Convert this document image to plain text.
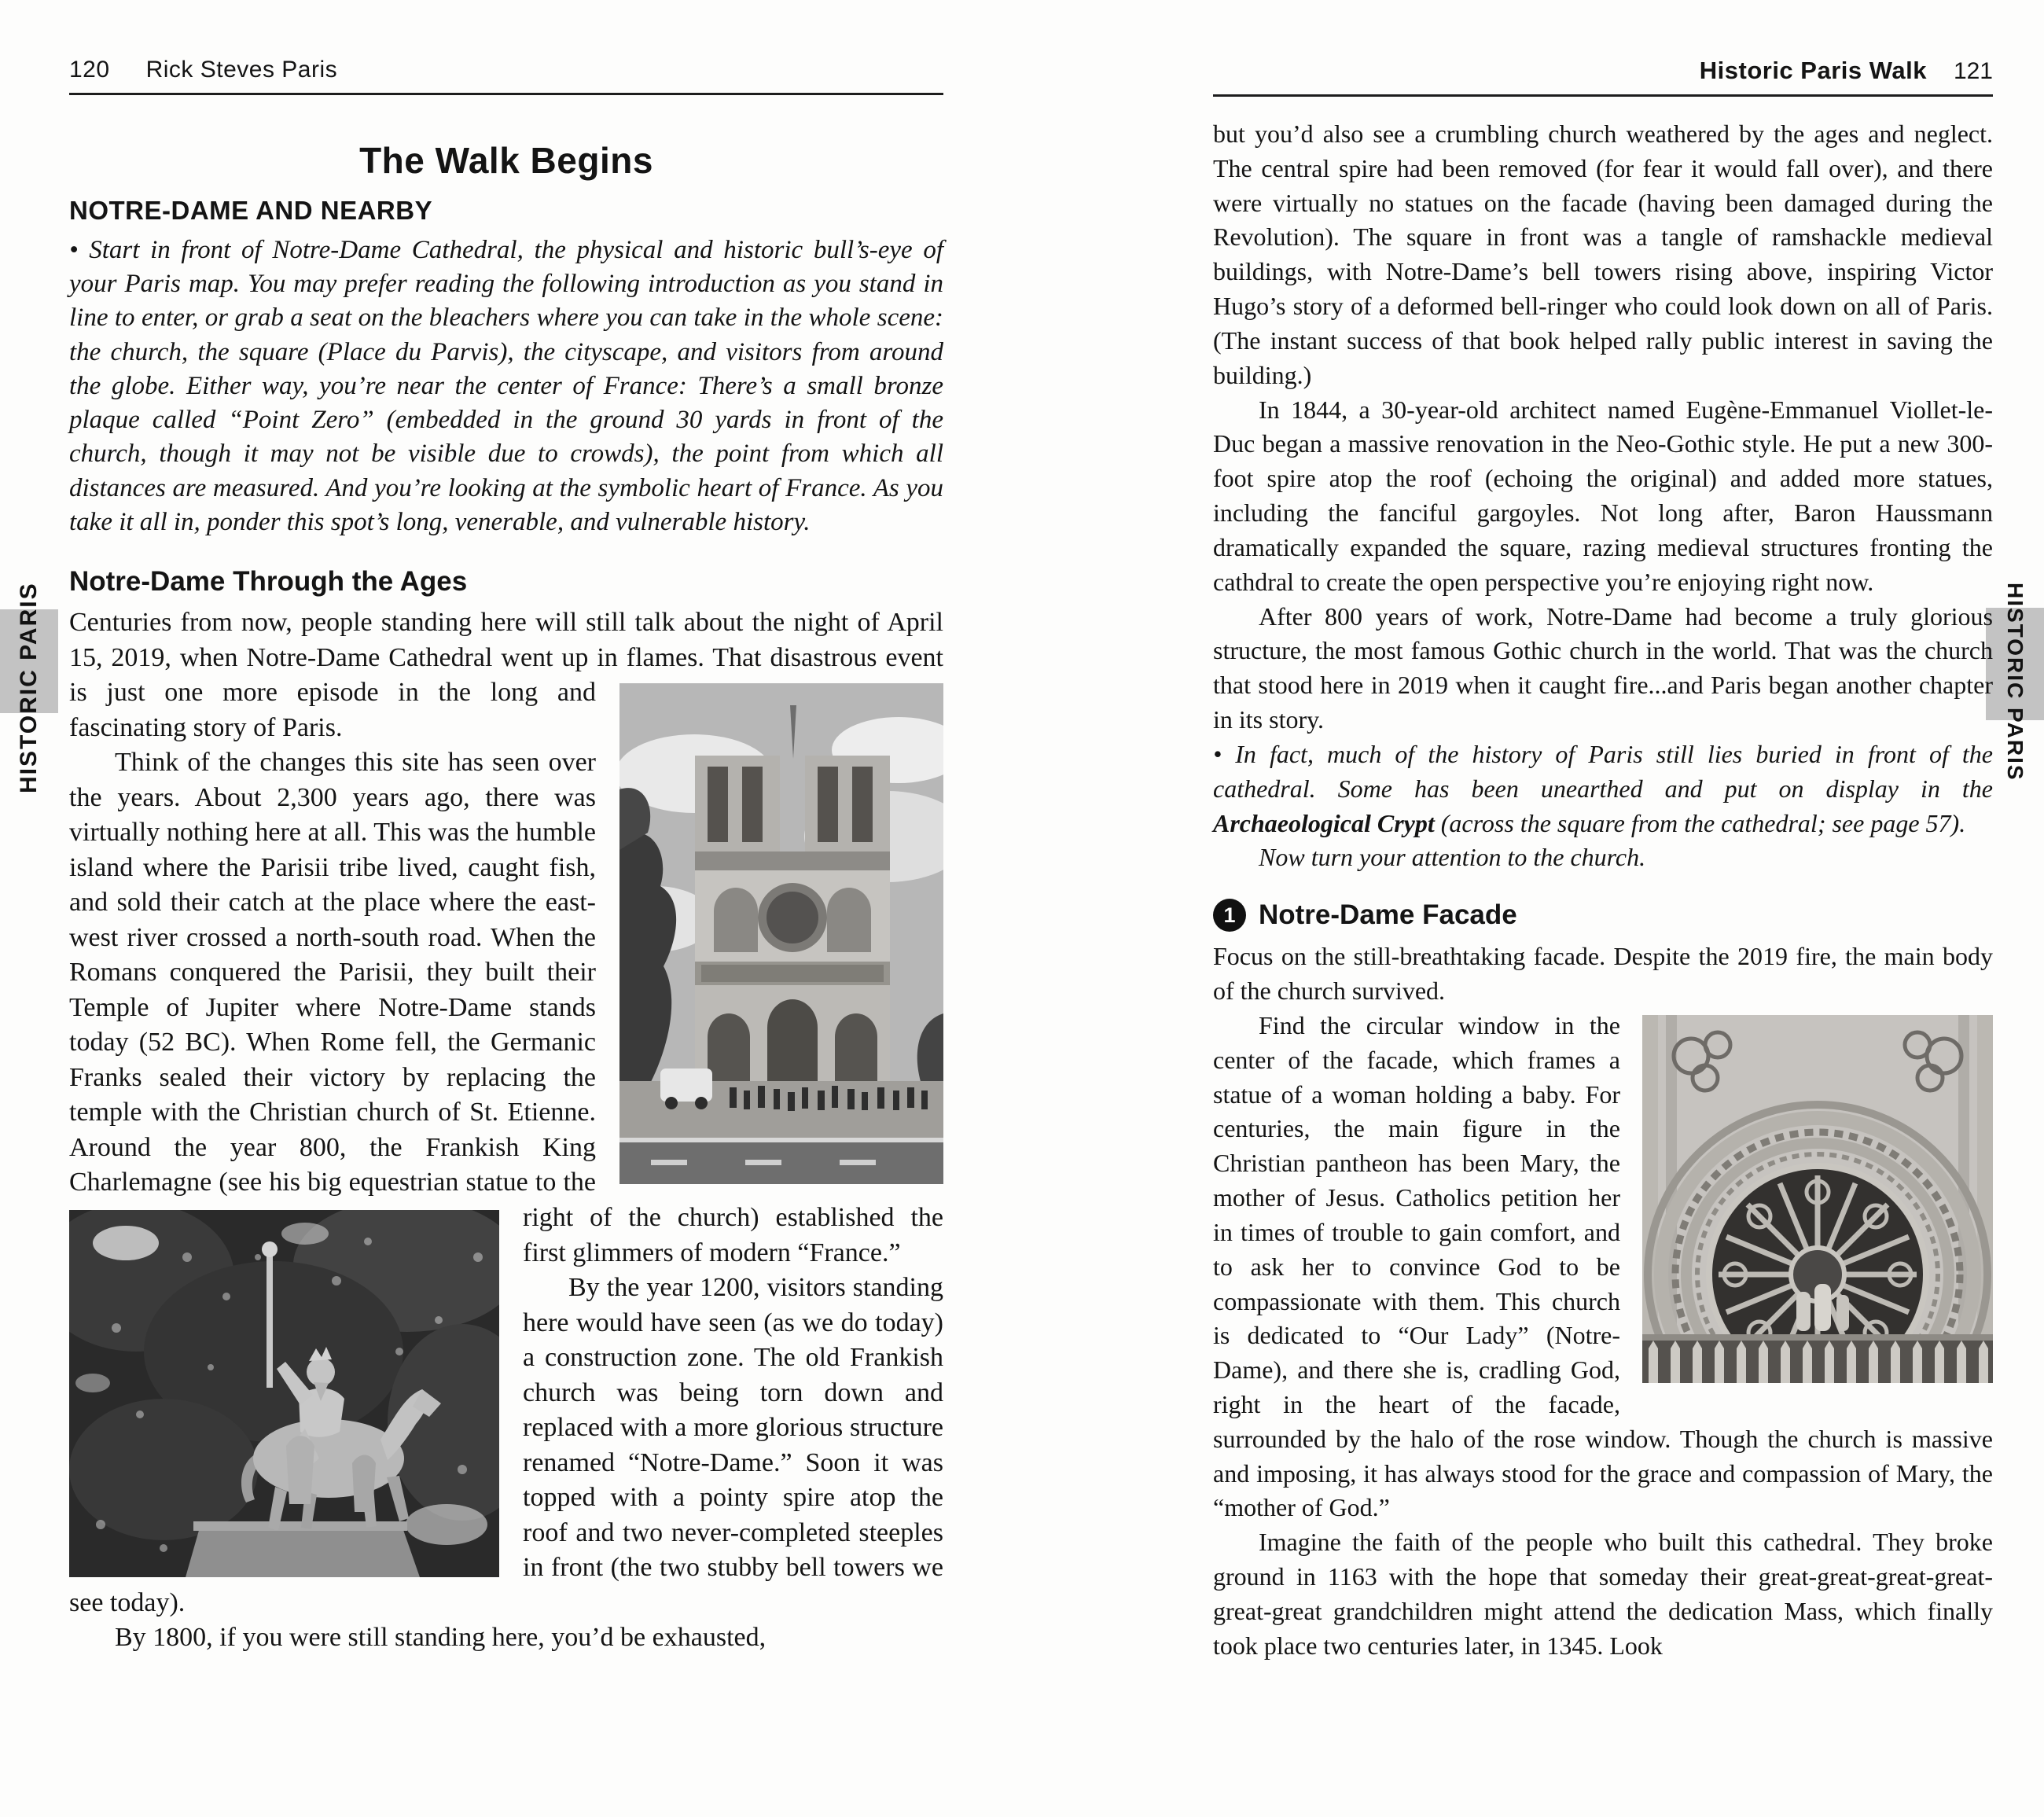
HISTORIC PARIS	HISTORIC PARIS
120 Rick Steves Paris
The Walk Begins
NOTRE-DAME AND NEARBY

• Start in front of Notre-Dame Cathedral, the physical and historic bull’s-eye of your Paris map. You may prefer reading the following introduction as you stand in line to enter, or grab a seat on the bleachers where you can take in the whole scene: the church, the square (Place du Parvis), the cityscape, and visitors from around the globe. Either way, you’re near the center of France: There’s a small bronze plaque called “Point Zero” (embedded in the ground 30 yards in front of the church, though it may not be visible due to crowds), the point from which all distances are measured. And you’re looking at the symbolic heart of France. As you take it all in, ponder this spot’s long, venerable, and vulnerable history.

Notre-Dame Through the Ages

Centuries from now, people standing here will still talk about the night of April 15, 2019, when Notre-Dame Cathedral went up in
flames. That disastrous event is just one more episode in the long and fascinating story of Paris.

Think of the changes this site has seen over the years. About 2,300 years ago, there was virtually nothing here at all. This was the humble island where the Parisii tribe lived, caught fish, and sold their catch at the place where the east-west river crossed a north-south road. When the Romans conquered the Parisii, they built their Temple of Jupiter where Notre-Dame stands today (52 BC). When Rome fell, the Germanic Franks sealed their victory by replacing the temple with the Christian church of St. Etienne. Around the year 800, the Frankish King Charlemagne (see his big equestrian statue to the
right of the church) established the first glimmers of modern “France.”

By the year 1200, visitors standing here would have seen (as we do today) a construction zone. The old Frankish church was being torn down and replaced with a more glorious structure renamed “Notre-Dame.” Soon it was topped with a pointy spire atop the roof and two never-completed steeples in front (the two stubby bell towers we see today).

By 1800, if you were still standing here, you’d be exhausted,

Historic Paris Walk 121

but you’d also see a crumbling church weathered by the ages and neglect. The central spire had been removed (for fear it would fall over), and there were virtually no statues on the facade (having been damaged during the Revolution). The square in front was a tangle of ramshackle medieval buildings, with Notre-Dame’s bell towers rising above, inspiring Victor Hugo’s story of a deformed bell-ringer who could look down on all of Paris. (The instant success of that book helped rally public interest in saving the building.)

In 1844, a 30-year-old architect named Eugène-Emmanuel Viollet-le-Duc began a massive renovation in the Neo-Gothic style. He put a new 300-foot spire atop the roof (echoing the original) and added more statues, including the fanciful gargoyles. Not long after, Baron Haussmann dramatically expanded the square, razing medieval structures fronting the cathdral to create the open perspective you’re enjoying right now.

After 800 years of work, Notre-Dame had become a truly glorious structure, the most famous Gothic church in the world. That was the church that stood here in 2019 when it caught fire...and Paris began another chapter in its story.

• In fact, much of the history of Paris still lies buried in front of the cathedral. Some has been unearthed and put on display in the Archaeological Crypt (across the square from the cathedral; see page 57).

Now turn your attention to the church.

1 Notre-Dame Facade

Focus on the still-breathtaking facade. Despite the 2019 fire, the main body of the church survived.

Find the circular window in the center of the facade, which frames a statue of a woman holding a baby. For centuries, the main figure in the Christian pantheon has been Mary, the mother of Jesus. Catholics petition her in times of trouble to gain comfort, and to ask her to convince God to be compassionate with them. This church is dedicated to “Our Lady” (Notre-Dame), and there she is, cradling God, right in the heart of the facade, surrounded by the halo of the rose window. Though the church is massive and imposing, it has always stood for the grace and compassion of Mary, the “mother of God.”

Imagine the faith of the people who built this cathedral. They broke ground in 1163 with the hope that someday their great-great-great-great-great-great grandchildren might attend the dedication Mass, which finally took place two centuries later, in 1345. Look
